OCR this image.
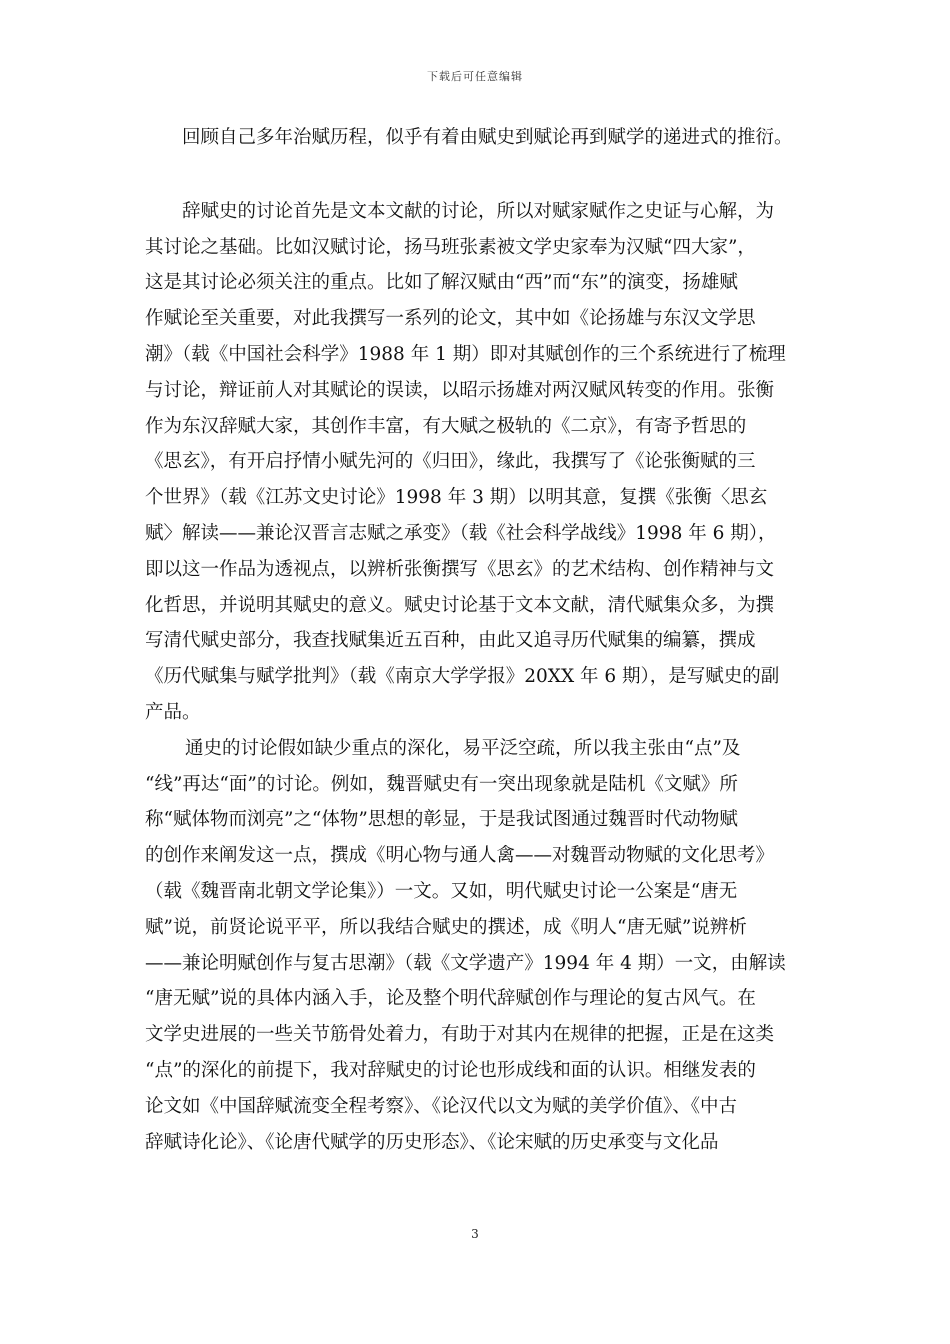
下载后可任意编辑
回顾自己多年治赋历程，似乎有着由赋史到赋论再到赋学的递进式的推衍。
辞赋史的讨论首先是文本文献的讨论，所以对赋家赋作之史证与心解，为
其讨论之基础。比如汉赋讨论，扬马班张素被文学史家奉为汉赋“四大家”，
这是其讨论必须关注的重点。比如了解汉赋由“西”而“东”的演变，扬雄赋
作赋论至关重要，对此我撰写一系列的论文，其中如《论扬雄与东汉文学思
潮》（载《中国社会科学》1988 年 1 期）即对其赋创作的三个系统进行了梳理
与讨论，辩证前人对其赋论的误读，以昭示扬雄对两汉赋风转变的作用。张衡
作为东汉辞赋大家，其创作丰富，有大赋之极轨的《二京》，有寄予哲思的
《思玄》，有开启抒情小赋先河的《归田》，缘此，我撰写了《论张衡赋的三
个世界》（载《江苏文史讨论》1998 年 3 期）以明其意，复撰《张衡〈思玄
赋〉解读——兼论汉晋言志赋之承变》（载《社会科学战线》1998 年 6 期），
即以这一作品为透视点，以辨析张衡撰写《思玄》的艺术结构、创作精神与文
化哲思，并说明其赋史的意义。赋史讨论基于文本文献，清代赋集众多，为撰
写清代赋史部分，我查找赋集近五百种，由此又追寻历代赋集的编纂，撰成
《历代赋集与赋学批判》（载《南京大学学报》20XX 年 6 期），是写赋史的副
产品。
通史的讨论假如缺少重点的深化，易平泛空疏，所以我主张由“点”及
“线”再达“面”的讨论。例如，魏晋赋史有一突出现象就是陆机《文赋》所
称“赋体物而浏亮”之“体物”思想的彰显，于是我试图通过魏晋时代动物赋
的创作来阐发这一点，撰成《明心物与通人禽——对魏晋动物赋的文化思考》
（载《魏晋南北朝文学论集》）一文。又如，明代赋史讨论一公案是“唐无
赋”说，前贤论说平平，所以我结合赋史的撰述，成《明人“唐无赋”说辨析
——兼论明赋创作与复古思潮》（载《文学遗产》1994 年 4 期）一文，由解读
“唐无赋”说的具体内涵入手，论及整个明代辞赋创作与理论的复古风气。在
文学史进展的一些关节筋骨处着力，有助于对其内在规律的把握，正是在这类
“点”的深化的前提下，我对辞赋史的讨论也形成线和面的认识。相继发表的
论文如《中国辞赋流变全程考察》、《论汉代以文为赋的美学价值》、《中古
辞赋诗化论》、《论唐代赋学的历史形态》、《论宋赋的历史承变与文化品
3
